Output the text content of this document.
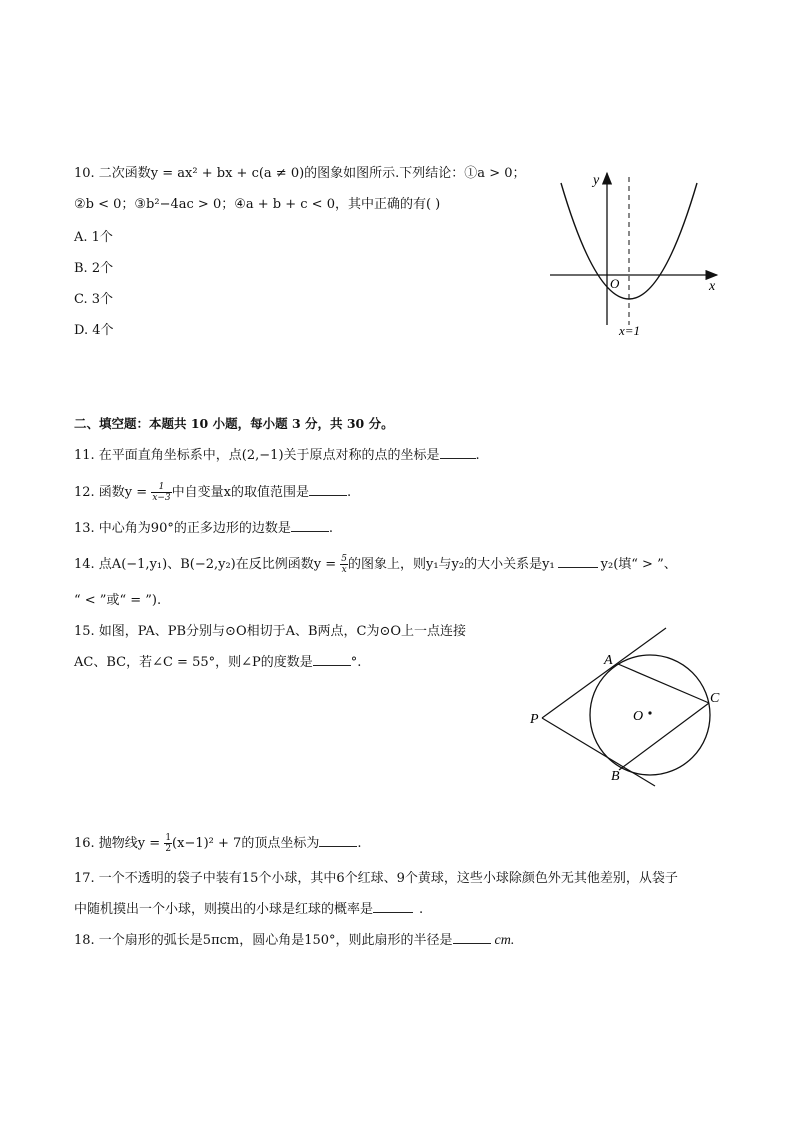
10. 二次函数y = ax² + bx + c(a ≠ 0)的图象如图所示.下列结论：①a > 0；
②b < 0；③b²−4ac > 0；④a + b + c < 0，其中正确的有( )
A. 1个
B. 2个
C. 3个
D. 4个
y
x
O
x=1
二、填空题：本题共 10 小题，每小题 3 分，共 30 分。
11. 在平面直角坐标系中，点(2,−1)关于原点对称的点的坐标是	.
12. 函数$y = \frac{1}{x-3}$ 中自变量x的取值范围是	.
13. 中心角为90°的正多边形的边数是	.
14. 点A(−1,y₁)、B(−2,y₂)在反比例函数$y = \frac{5}{x}$ 的图象上，则y₁与y₂的大小关系是y₁	y₂(填“ > ”、
“ < ”或“ = ”).
15. 如图，PA、PB分别与⊙O相切于A、B两点，C为⊙O上一点连接
AC、BC，若∠C = 55°，则∠P的度数是	°.	A
B
C
P	O
16. 抛物线$y = \frac{1}{2} (x-1)^2 + 7$的顶点坐标为	.
17. 一个不透明的袋子中装有15个小球，其中6个红球、9个黄球，这些小球除颜色外无其他差别，从袋子
中随机摸出一个小球，则摸出的小球是红球的概率是	.
18. 一个扇形的弧长是5πcm，圆心角是150°，则此扇形的半径是	cm.
